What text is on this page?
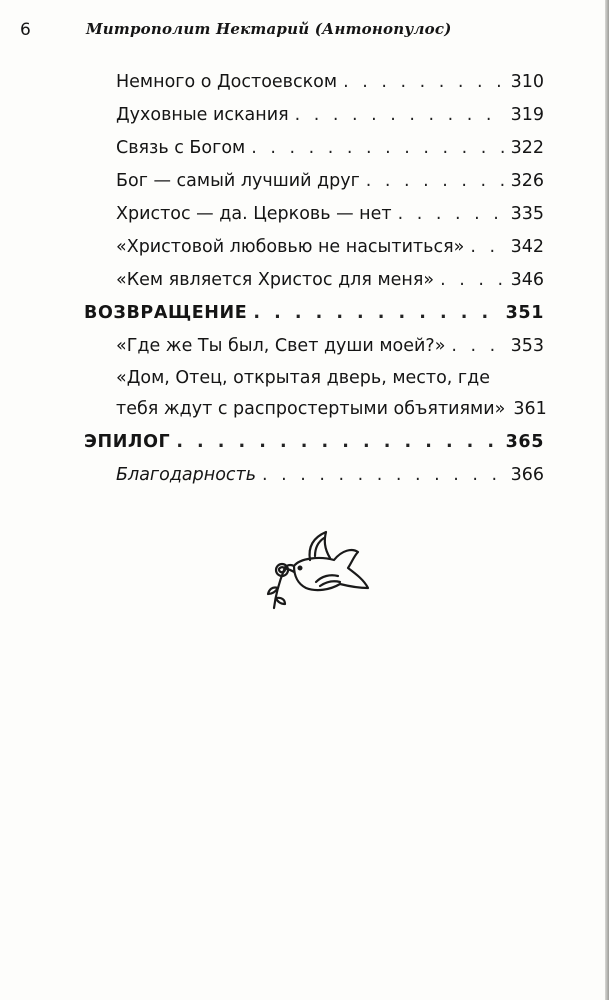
6	Митрополит Нектарий (Антонопулос)
Немного о Достоевском . . .	310
Духовные искания . . .	319
Связь с Богом . . .	322
Бог — самый лучший друг . . .	326
Христос — да. Церковь — нет . . .	335
«Христовой любовью не насытиться» . . .	342
«Кем является Христос для меня» . . .	346
ВОЗВРАЩЕНИЕ . . .	351
«Где же Ты был, Свет души моей?» . . .	353
«Дом, Отец, открытая дверь, место, где
тебя ждут с распростертыми объятиями» 361
ЭПИЛОГ . . .	365
Благодарность . . .	366
